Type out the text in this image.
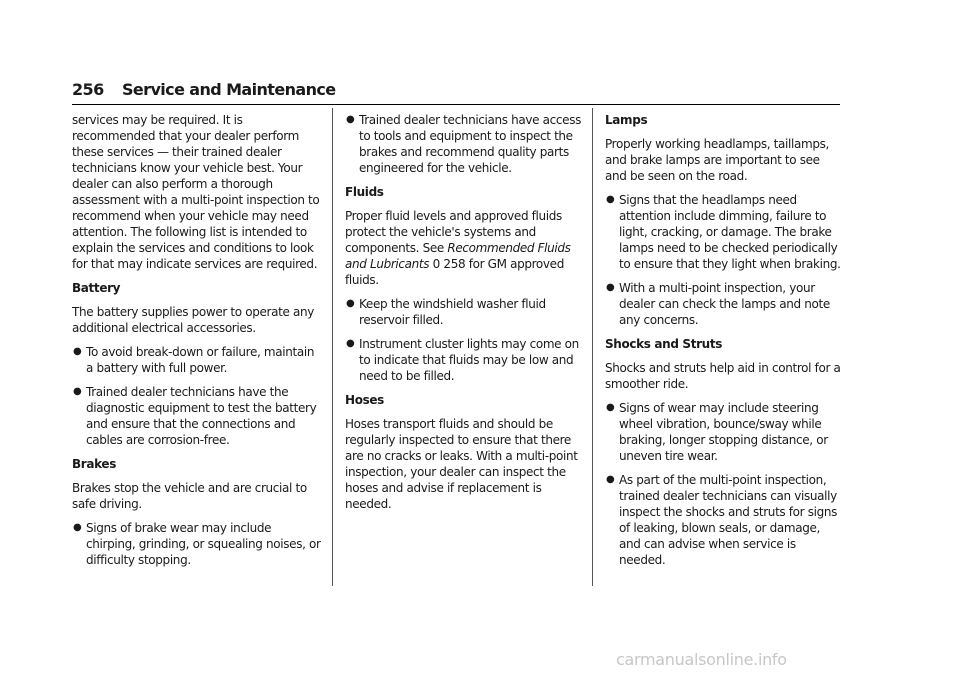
256 Service and Maintenance

services may be required. It is recommended that your dealer perform these services — their trained dealer technicians know your vehicle best. Your dealer can also perform a thorough assessment with a multi-point inspection to recommend when your vehicle may need attention. The following list is intended to explain the services and conditions to look for that may indicate services are required.

Battery

The battery supplies power to operate any additional electrical accessories.

● To avoid break-down or failure, maintain a battery with full power.
● Trained dealer technicians have the diagnostic equipment to test the battery and ensure that the connections and cables are corrosion-free.
Brakes

Brakes stop the vehicle and are crucial to safe driving.

● Signs of brake wear may include chirping, grinding, or squealing noises, or difficulty stopping.
● Trained dealer technicians have access to tools and equipment to inspect the brakes and recommend quality parts engineered for the vehicle.
Fluids

Proper fluid levels and approved fluids protect the vehicle's systems and components. See Recommended Fluids and Lubricants 0 258 for GM approved fluids.

● Keep the windshield washer fluid reservoir filled.
● Instrument cluster lights may come on to indicate that fluids may be low and need to be filled.
Hoses

Hoses transport fluids and should be regularly inspected to ensure that there are no cracks or leaks. With a multi-point inspection, your dealer can inspect the hoses and advise if replacement is needed.

Lamps

Properly working headlamps, taillamps, and brake lamps are important to see and be seen on the road.

● Signs that the headlamps need attention include dimming, failure to light, cracking, or damage. The brake lamps need to be checked periodically to ensure that they light when braking.
● With a multi-point inspection, your dealer can check the lamps and note any concerns.
Shocks and Struts

Shocks and struts help aid in control for a smoother ride.

● Signs of wear may include steering wheel vibration, bounce/sway while braking, longer stopping distance, or uneven tire wear.
● As part of the multi-point inspection, trained dealer technicians can visually inspect the shocks and struts for signs of leaking, blown seals, or damage, and can advise when service is needed.
carmanualsonline.info
